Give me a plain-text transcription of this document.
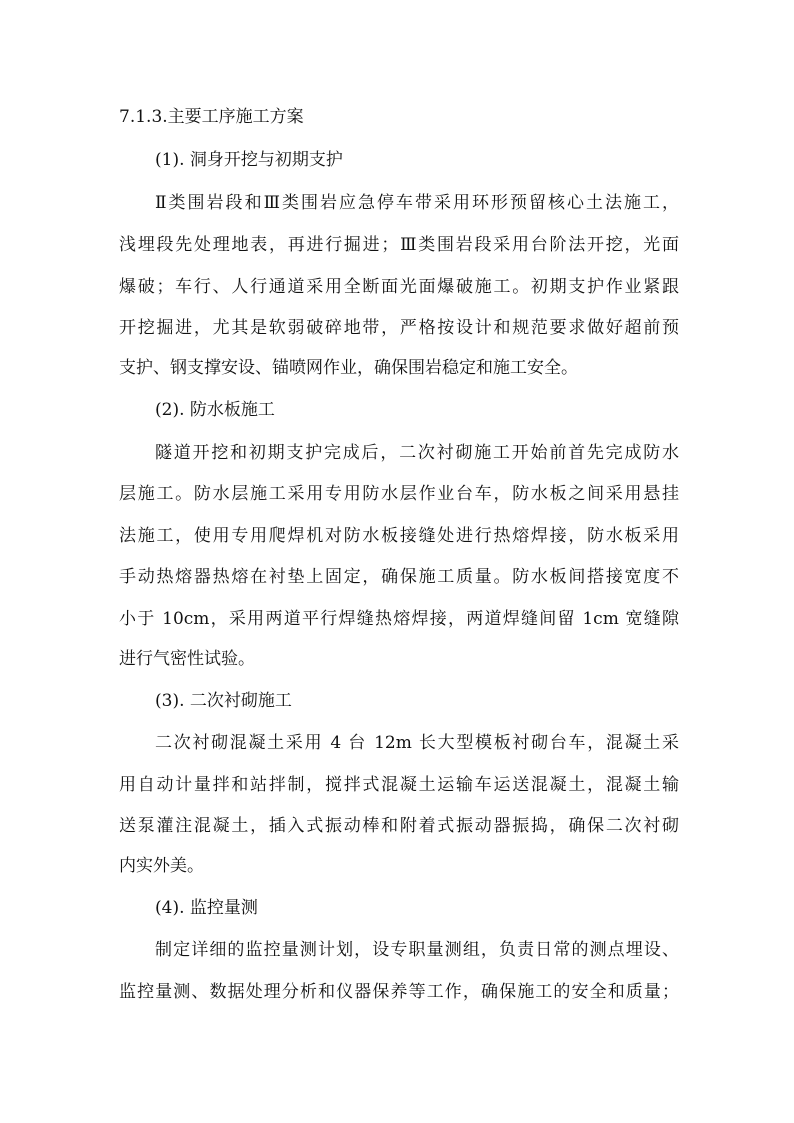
7.1.3.主要工序施工方案
(1). 洞身开挖与初期支护
Ⅱ类围岩段和Ⅲ类围岩应急停车带采用环形预留核心土法施工，
浅埋段先处理地表，再进行掘进；Ⅲ类围岩段采用台阶法开挖，光面
爆破；车行、人行通道采用全断面光面爆破施工。初期支护作业紧跟
开挖掘进，尤其是软弱破碎地带，严格按设计和规范要求做好超前预
支护、钢支撑安设、锚喷网作业，确保围岩稳定和施工安全。
(2). 防水板施工
隧道开挖和初期支护完成后，二次衬砌施工开始前首先完成防水
层施工。防水层施工采用专用防水层作业台车，防水板之间采用悬挂
法施工，使用专用爬焊机对防水板接缝处进行热熔焊接，防水板采用
手动热熔器热熔在衬垫上固定，确保施工质量。防水板间搭接宽度不
小于 10cm，采用两道平行焊缝热熔焊接，两道焊缝间留 1cm 宽缝隙
进行气密性试验。
(3). 二次衬砌施工
二次衬砌混凝土采用 4 台 12m 长大型模板衬砌台车，混凝土采
用自动计量拌和站拌制，搅拌式混凝土运输车运送混凝土，混凝土输
送泵灌注混凝土，插入式振动棒和附着式振动器振捣，确保二次衬砌
内实外美。
(4). 监控量测
制定详细的监控量测计划，设专职量测组，负责日常的测点埋设、
监控量测、数据处理分析和仪器保养等工作，确保施工的安全和质量；
